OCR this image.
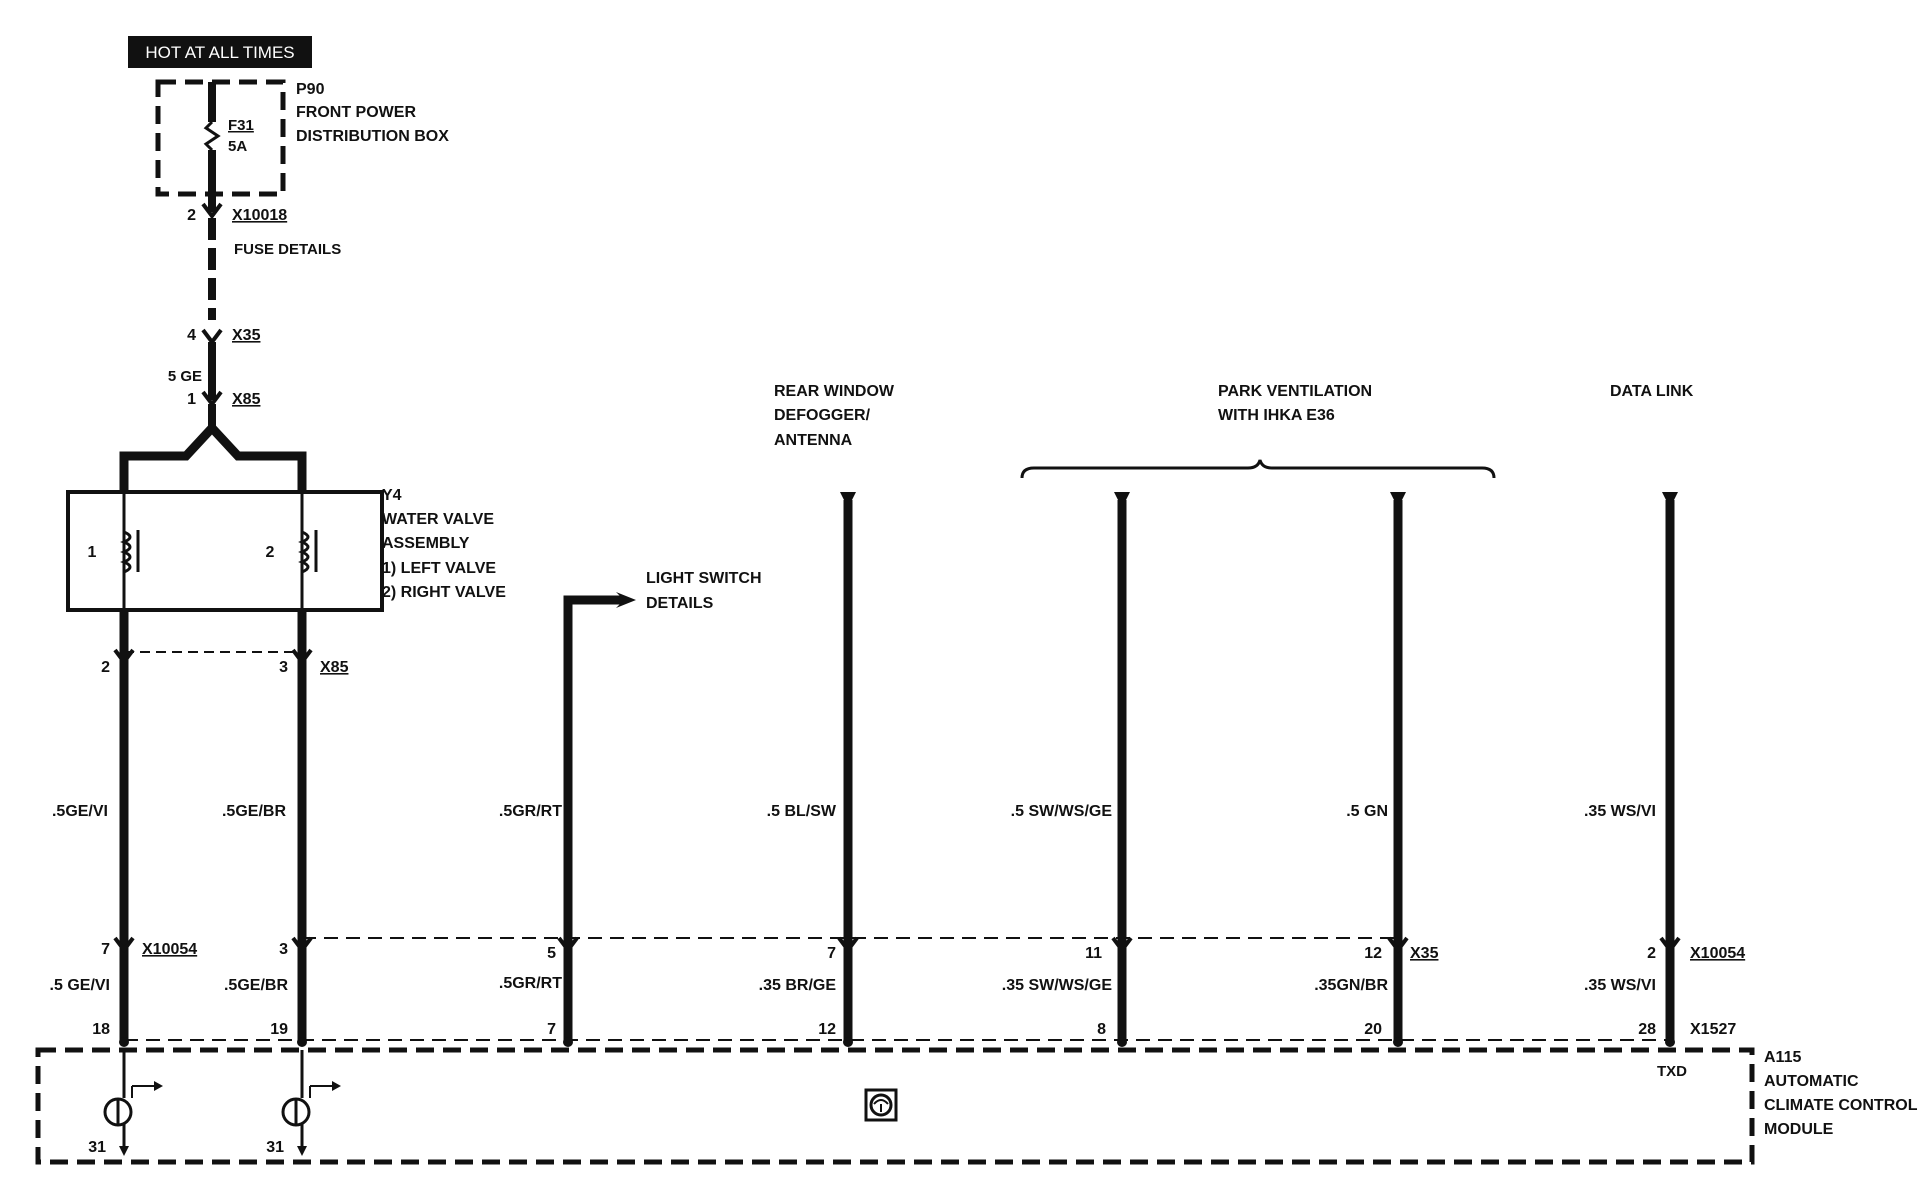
HOT AT ALL TIMES
F31
5A
P90
FRONT POWER
DISTRIBUTION BOX
2 X10018
FUSE DETAILS
4 X35
5 GE
1 X85
1	2
Y4
WATER VALVE
ASSEMBLY
1) LEFT VALVE
2) RIGHT VALVE
2	3 X85
LIGHT SWITCH
DETAILS
REAR WINDOW
DEFOGGER/
ANTENNA
PARK VENTILATION
WITH IHKA E36
DATA LINK
.5GE/VI	.5GE/BR	.5GR/RT	.5 BL/SW	.5 SW/WS/GE	.5 GN	.35 WS/VI
7	3	5	7	11	12	2
X10054	X35	X10054
.5 GE/VI	.5GE/BR	.5GR/RT	.35 BR/GE	.35 SW/WS/GE	.35GN/BR	.35 WS/VI
18	19	7	12	8	20	28 X1527
31	31
TXD
A115
AUTOMATIC
CLIMATE CONTROL
MODULE
